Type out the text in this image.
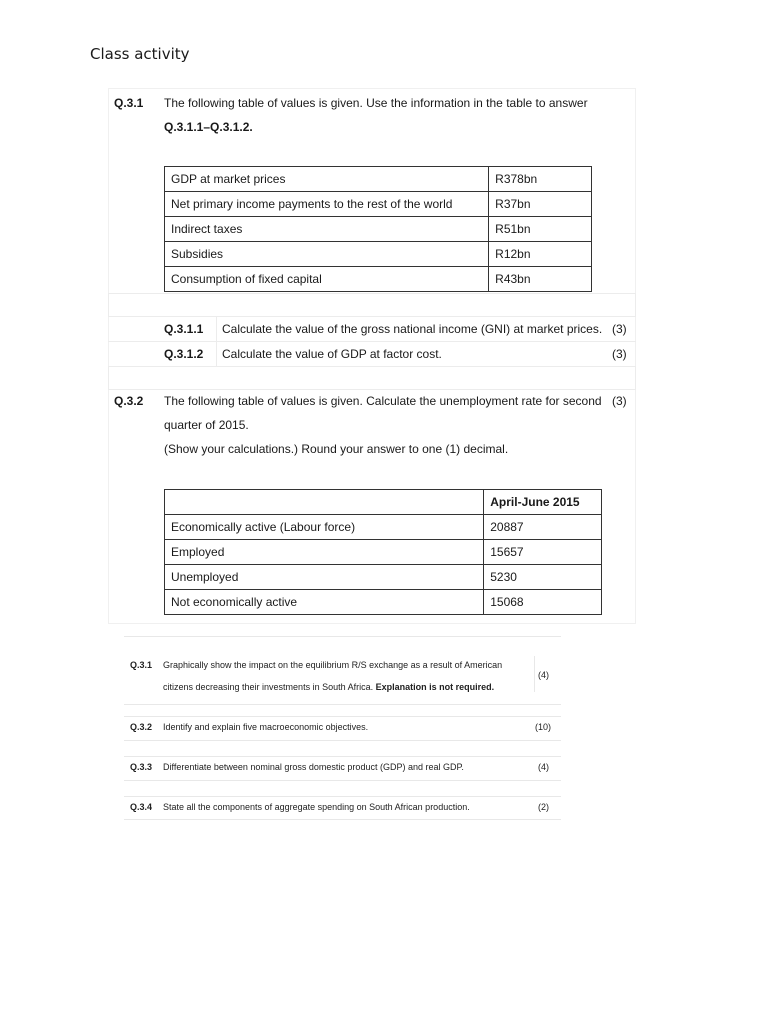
Class activity
Q.3.1 The following table of values is given. Use the information in the table to answer
Q.3.1.1–Q.3.1.2.
GDP at market prices	R378bn
Net primary income payments to the rest of the world	R37bn
Indirect taxes	R51bn
Subsidies	R12bn
Consumption of fixed capital	R43bn
Q.3.1.1 Calculate the value of the gross national income (GNI) at market prices. (3)
Q.3.1.2 Calculate the value of GDP at factor cost.	(3)
Q.3.2 The following table of values is given. Calculate the unemployment rate for second (3)
quarter of 2015.
(Show your calculations.) Round your answer to one (1) decimal.
	April-June 2015
Economically active (Labour force)	20887
Employed	15657
Unemployed	5230
Not economically active	15068
Q.3.1 Graphically show the impact on the equilibrium R/S exchange as a result of American
citizens decreasing their investments in South Africa. Explanation is not required.
(4)
Q.3.2 Identify and explain five macroeconomic objectives.	(10)
Q.3.3 Differentiate between nominal gross domestic product (GDP) and real GDP.	(4)
Q.3.4 State all the components of aggregate spending on South African production.	(2)
